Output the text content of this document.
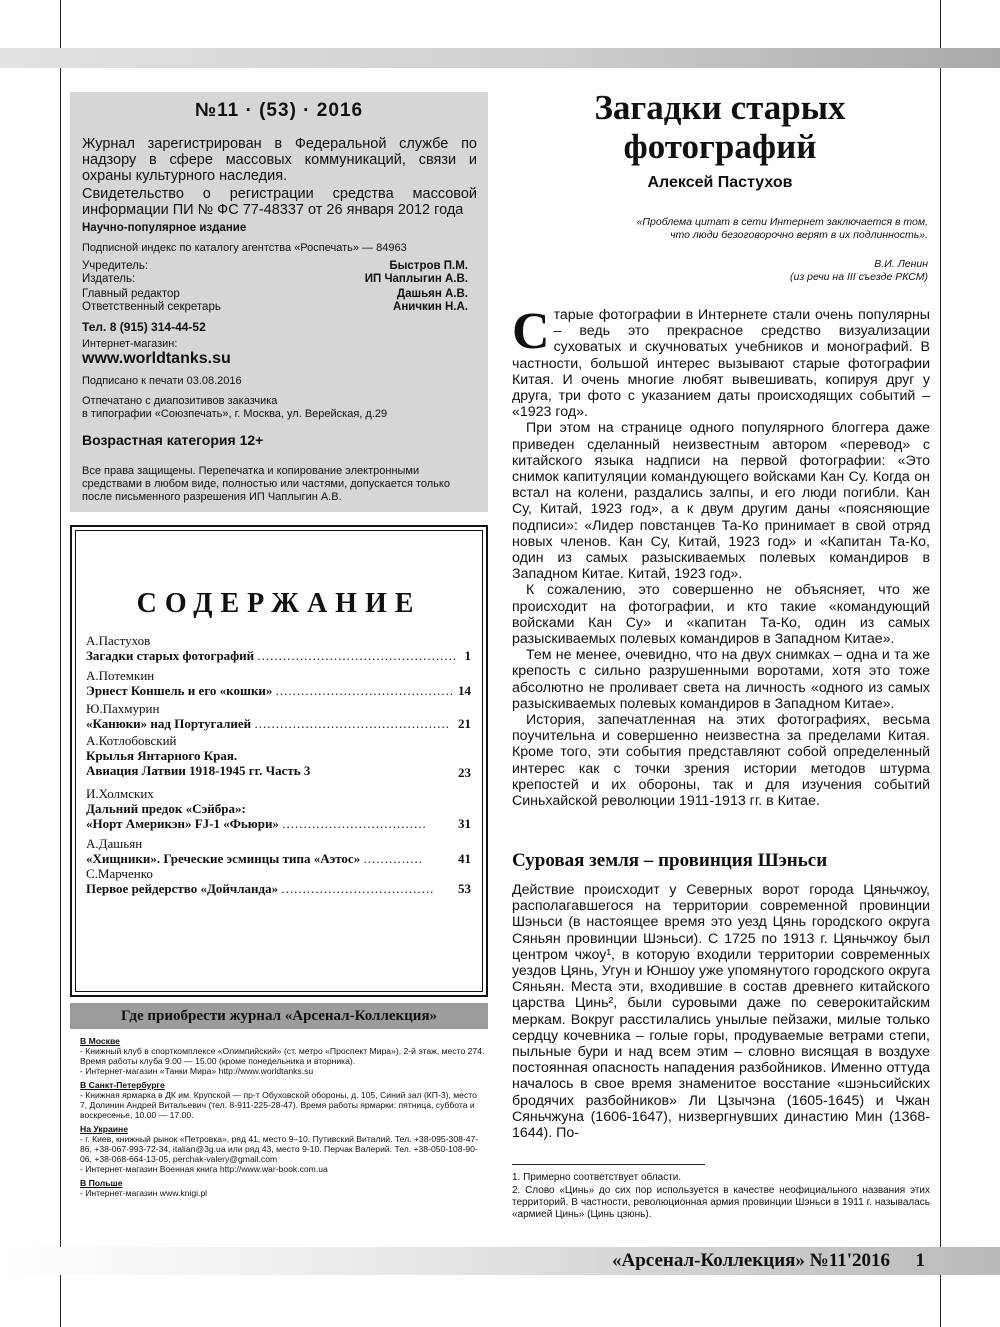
№11 · (53) · 2016
Журнал зарегистрирован в Федеральной службе по надзору в сфере массовых коммуникаций, связи и охраны культурного наследия.
Свидетельство о регистрации средства массовой информации ПИ № ФС 77-48337 от 26 января 2012 года
Научно-популярное издание
Подписной индекс по каталогу агентства «Роспечать» — 84963
Учредитель:	Быстров П.М.
Издатель:	ИП Чаплыгин А.В.
Главный редактор	Дашьян А.В.
Ответственный секретарь	Аничкин Н.А.
Тел. 8 (915) 314-44-52
Интернет-магазин:
www.worldtanks.su
Подписано к печати 03.08.2016
Отпечатано с диапозитивов заказчика
в типографии «Союзпечать», г. Москва, ул. Верейская, д.29
Возрастная категория 12+
Все права защищены. Перепечатка и копирование электронными средствами в любом виде, полностью или частями, допускается только после письменного разрешения ИП Чаплыгин А.В.
СОДЕРЖАНИЕ
А.Пастухов
Загадки старых фотографий ............................................... 1
А.Потемкин
Эрнест Коншель и его «кошки» .......................................... 14
Ю.Пахмурин
«Канюки» над Португалией .............................................. 21
А.Котлобовский
Крылья Янтарного Края.
Авиация Латвии 1918-1945 гг. Часть 3	23
И.Холмских
Дальний предок «Сэйбра»:
«Норт Америкэн» FJ-1 «Фьюри» ..................................	31
А.Дашьян
«Хищники». Греческие эсминцы типа «Аэтос» ..............	41
С.Марченко
Первое рейдерство «Дойчланда» ....................................	53
Где приобрести журнал «Арсенал-Коллекция»
В Москве
- Книжный клуб в спорткомплексе «Олимпийский» (ст. метро «Проспект Мира»), 2-й этаж, место 274. Время работы клуба 9.00 — 15.00 (кроме понедельника и вторника).
- Интернет-магазин «Танки Мира» http://www.worldtanks.su
В Санкт-Петербурге
- Книжная ярмарка в ДК им. Крупской — пр-т Обуховской обороны, д. 105, Синий зал (КП-3), место 7, Долинин Андрей Витальевич (тел. 8-911-225-28-47). Время работы ярмарки: пятница, суббота и воскресенье, 10.00 — 17.00.
На Украине
- г. Киев, книжный рынок «Петровка», ряд 41, место 9–10. Путивский Виталий. Тел. +38-095-308-47-86, +38-067-993-72-34, italian@3g.ua или ряд 43, место 9-10. Перчак Валерий. Тел. +38-050-108-90-06, +38-068-664-13-05, perchak-valery@gmail.com
- Интернет-магазин Военная книга http://www.war-book.com.ua
В Польше
- Интернет-магазин www.knigi.pl
Загадки старых
фотографий
Алексей Пастухов
«Проблема цитат в сети Интернет заключается в том,
что люди безоговорочно верят в их подлинность».
В.И. Ленин
(из речи на III съезде РКСМ)

Старые фотографии в Интернете стали очень популярны – ведь это прекрасное средство визуализации суховатых и скучноватых учебников и монографий. В частности, большой интерес вызывают старые фотографии Китая. И очень многие любят вывешивать, копируя друг у друга, три фото с указанием даты происходящих событий – «1923 год».

При этом на странице одного популярного блоггера даже приведен сделанный неизвестным автором «перевод» с китайского языка надписи на первой фотографии: «Это снимок капитуляции командующего войсками Кан Су. Когда он встал на колени, раздались залпы, и его люди погибли. Кан Су, Китай, 1923 год», а к двум другим даны «поясняющие подписи»: «Лидер повстанцев Та-Ко принимает в свой отряд новых членов. Кан Су, Китай, 1923 год» и «Капитан Та-Ко, один из самых разыскиваемых полевых командиров в Западном Китае. Китай, 1923 год».

К сожалению, это совершенно не объясняет, что же происходит на фотографии, и кто такие «командующий войсками Кан Су» и «капитан Та-Ко, один из самых разыскиваемых полевых командиров в Западном Китае».

Тем не менее, очевидно, что на двух снимках – одна и та же крепость с сильно разрушенными воротами, хотя это тоже абсолютно не проливает света на личность «одного из самых разыскиваемых полевых командиров в Западном Китае».

История, запечатленная на этих фотографиях, весьма поучительна и совершенно неизвестна за пределами Китая. Кроме того, эти события представляют собой определенный интерес как с точки зрения истории методов штурма крепостей и их обороны, так и для изучения событий Синьхайской революции 1911-1913 гг. в Китае.

Суровая земля – провинция Шэньси

Действие происходит у Северных ворот города Цяньчжоу, располагавшегося на территории современной провинции Шэньси (в настоящее время это уезд Цянь городского округа Сяньян провинции Шэньси). С 1725 по 1913 г. Цяньчжоу был центром чжоу¹, в которую входили территории современных уездов Цянь, Угун и Юншоу уже упомянутого городского округа Сяньян. Места эти, входившие в состав древнего китайского царства Цинь², были суровыми даже по северокитайским меркам. Вокруг расстилались унылые пейзажи, милые только сердцу кочевника – голые горы, продуваемые ветрами степи, пыльные бури и над всем этим – словно висящая в воздухе постоянная опасность нападения разбойников. Именно оттуда началось в свое время знаменитое восстание «шэньсийских бродячих разбойников» Ли Цзычэна (1605-1645) и Чжан Сяньчжуна (1606-1647), низвергнувших династию Мин (1368-1644). По-

1. Примерно соответствует области.
2. Слово «Цинь» до сих пор используется в качестве неофициального названия этих территорий. В частности, революционная армия провинции Шэньси в 1911 г. называлась «армией Цинь» (Цинь цзюнь).
«Арсенал-Коллекция» №11'2016 1
